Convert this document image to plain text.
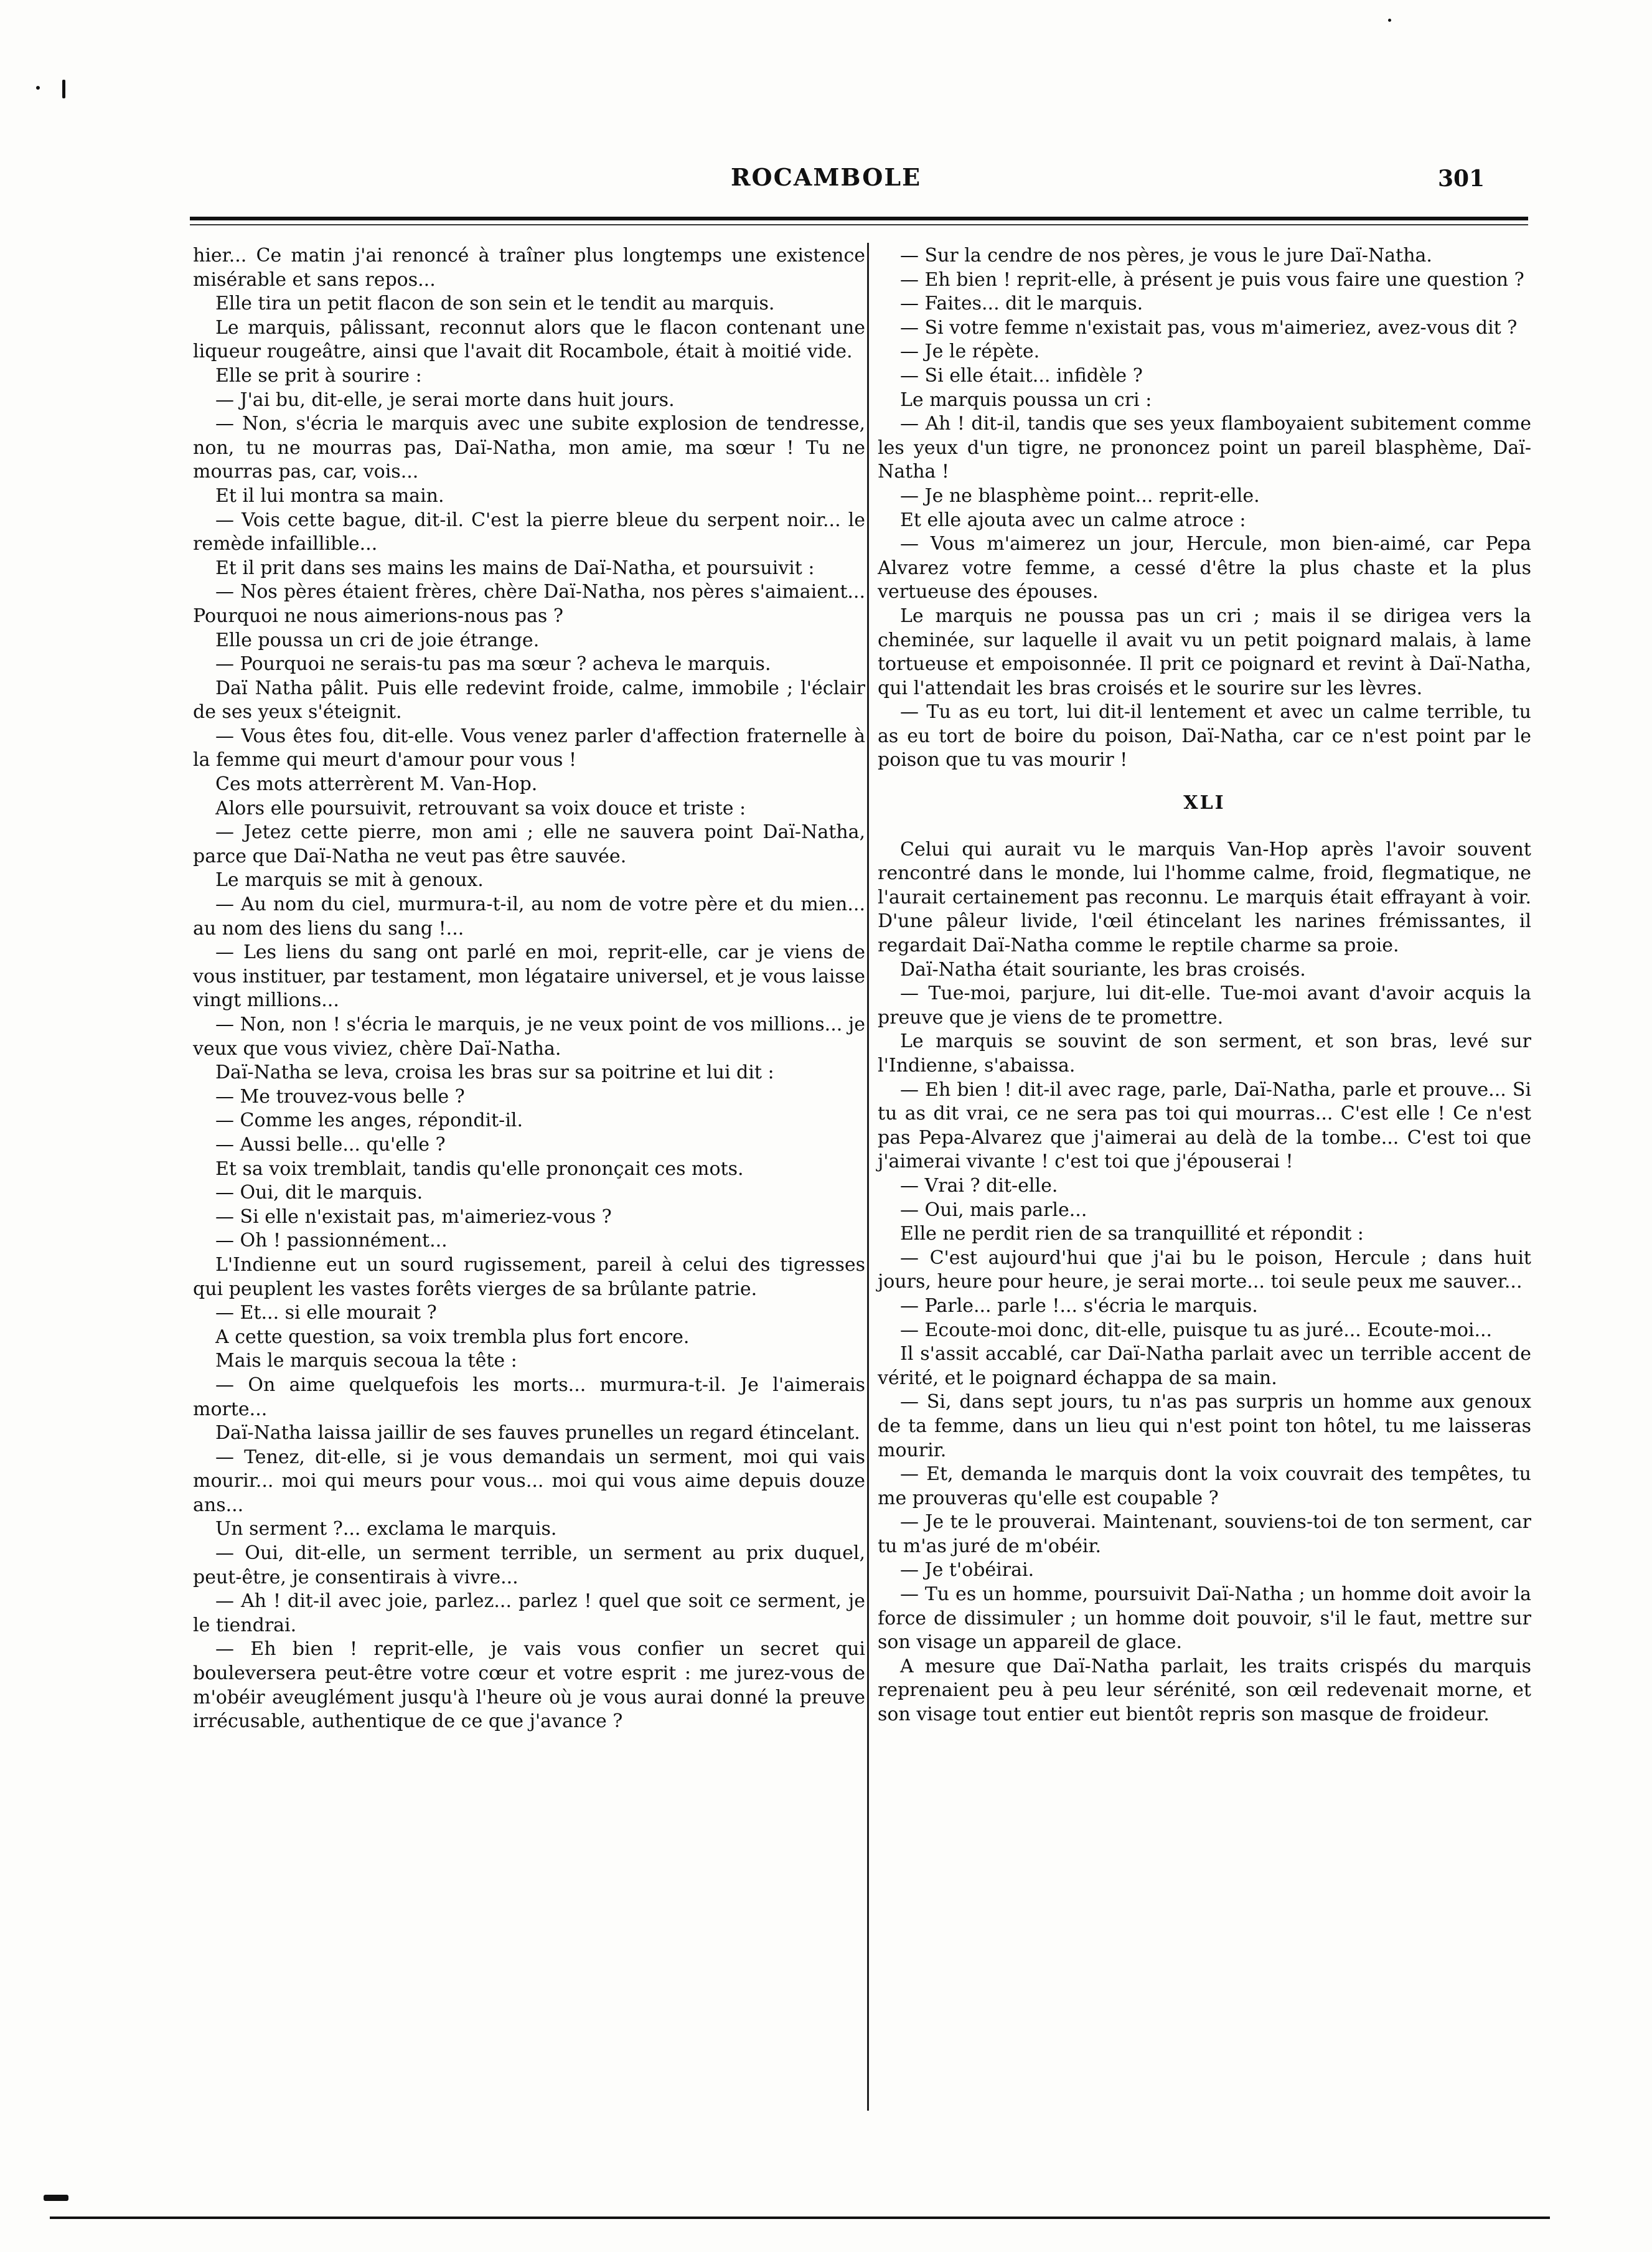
ROCAMBOLE	301

hier... Ce matin j'ai renoncé à traîner plus longtemps une existence misérable et sans repos...

Elle tira un petit flacon de son sein et le tendit au marquis.

Le marquis, pâlissant, reconnut alors que le flacon contenant une liqueur rougeâtre, ainsi que l'avait dit Rocambole, était à moitié vide.

Elle se prit à sourire :

— J'ai bu, dit-elle, je serai morte dans huit jours.

— Non, s'écria le marquis avec une subite explosion de tendresse, non, tu ne mourras pas, Daï-Natha, mon amie, ma sœur ! Tu ne mourras pas, car, vois...

Et il lui montra sa main.

— Vois cette bague, dit-il. C'est la pierre bleue du serpent noir... le remède infaillible...

Et il prit dans ses mains les mains de Daï-Natha, et poursuivit :

— Nos pères étaient frères, chère Daï-Natha, nos pères s'aimaient... Pourquoi ne nous aimerions-nous pas ?

Elle poussa un cri de joie étrange.

— Pourquoi ne serais-tu pas ma sœur ? acheva le marquis.

Daï Natha pâlit. Puis elle redevint froide, calme, immobile ; l'éclair de ses yeux s'éteignit.

— Vous êtes fou, dit-elle. Vous venez parler d'affection fraternelle à la femme qui meurt d'amour pour vous !

Ces mots atterrèrent M. Van-Hop.

Alors elle poursuivit, retrouvant sa voix douce et triste :

— Jetez cette pierre, mon ami ; elle ne sauvera point Daï-Natha, parce que Daï-Natha ne veut pas être sauvée.

Le marquis se mit à genoux.

— Au nom du ciel, murmura-t-il, au nom de votre père et du mien... au nom des liens du sang !...

— Les liens du sang ont parlé en moi, reprit-elle, car je viens de vous instituer, par testament, mon légataire universel, et je vous laisse vingt millions...

— Non, non ! s'écria le marquis, je ne veux point de vos millions... je veux que vous viviez, chère Daï-Natha.

Daï-Natha se leva, croisa les bras sur sa poitrine et lui dit :

— Me trouvez-vous belle ?

— Comme les anges, répondit-il.

— Aussi belle... qu'elle ?

Et sa voix tremblait, tandis qu'elle prononçait ces mots.

— Oui, dit le marquis.

— Si elle n'existait pas, m'aimeriez-vous ?

— Oh ! passionnément...

L'Indienne eut un sourd rugissement, pareil à celui des tigresses qui peuplent les vastes forêts vierges de sa brûlante patrie.

— Et... si elle mourait ?

A cette question, sa voix trembla plus fort encore.

Mais le marquis secoua la tête :

— On aime quelquefois les morts... murmura-t-il. Je l'aimerais morte...

Daï-Natha laissa jaillir de ses fauves prunelles un regard étincelant.

— Tenez, dit-elle, si je vous demandais un serment, moi qui vais mourir... moi qui meurs pour vous... moi qui vous aime depuis douze ans...

Un serment ?... exclama le marquis.

— Oui, dit-elle, un serment terrible, un serment au prix duquel, peut-être, je consentirais à vivre...

— Ah ! dit-il avec joie, parlez... parlez ! quel que soit ce serment, je le tiendrai.

— Eh bien ! reprit-elle, je vais vous confier un secret qui bouleversera peut-être votre cœur et votre esprit : me jurez-vous de m'obéir aveuglément jusqu'à l'heure où je vous aurai donné la preuve irrécusable, authentique de ce que j'avance ?

— Sur la cendre de nos pères, je vous le jure Daï-Natha.

— Eh bien ! reprit-elle, à présent je puis vous faire une question ?

— Faites... dit le marquis.

— Si votre femme n'existait pas, vous m'aimeriez, avez-vous dit ?

— Je le répète.

— Si elle était... infidèle ?

Le marquis poussa un cri :

— Ah ! dit-il, tandis que ses yeux flamboyaient subitement comme les yeux d'un tigre, ne prononcez point un pareil blasphème, Daï-Natha !

— Je ne blasphème point... reprit-elle.

Et elle ajouta avec un calme atroce :

— Vous m'aimerez un jour, Hercule, mon bien-aimé, car Pepa Alvarez votre femme, a cessé d'être la plus chaste et la plus vertueuse des épouses.

Le marquis ne poussa pas un cri ; mais il se dirigea vers la cheminée, sur laquelle il avait vu un petit poignard malais, à lame tortueuse et empoisonnée. Il prit ce poignard et revint à Daï-Natha, qui l'attendait les bras croisés et le sourire sur les lèvres.

— Tu as eu tort, lui dit-il lentement et avec un calme terrible, tu as eu tort de boire du poison, Daï-Natha, car ce n'est point par le poison que tu vas mourir !

XLI

Celui qui aurait vu le marquis Van-Hop après l'avoir souvent rencontré dans le monde, lui l'homme calme, froid, flegmatique, ne l'aurait certainement pas reconnu. Le marquis était effrayant à voir. D'une pâleur livide, l'œil étincelant les narines frémissantes, il regardait Daï-Natha comme le reptile charme sa proie.

Daï-Natha était souriante, les bras croisés.

— Tue-moi, parjure, lui dit-elle. Tue-moi avant d'avoir acquis la preuve que je viens de te promettre.

Le marquis se souvint de son serment, et son bras, levé sur l'Indienne, s'abaissa.

— Eh bien ! dit-il avec rage, parle, Daï-Natha, parle et prouve... Si tu as dit vrai, ce ne sera pas toi qui mourras... C'est elle ! Ce n'est pas Pepa-Alvarez que j'aimerai au delà de la tombe... C'est toi que j'aimerai vivante ! c'est toi que j'épouserai !

— Vrai ? dit-elle.

— Oui, mais parle...

Elle ne perdit rien de sa tranquillité et répondit :

— C'est aujourd'hui que j'ai bu le poison, Hercule ; dans huit jours, heure pour heure, je serai morte... toi seule peux me sauver...

— Parle... parle !... s'écria le marquis.

— Ecoute-moi donc, dit-elle, puisque tu as juré... Ecoute-moi...

Il s'assit accablé, car Daï-Natha parlait avec un terrible accent de vérité, et le poignard échappa de sa main.

— Si, dans sept jours, tu n'as pas surpris un homme aux genoux de ta femme, dans un lieu qui n'est point ton hôtel, tu me laisseras mourir.

— Et, demanda le marquis dont la voix couvrait des tempêtes, tu me prouveras qu'elle est coupable ?

— Je te le prouverai. Maintenant, souviens-toi de ton serment, car tu m'as juré de m'obéir.

— Je t'obéirai.

— Tu es un homme, poursuivit Daï-Natha ; un homme doit avoir la force de dissimuler ; un homme doit pouvoir, s'il le faut, mettre sur son visage un appareil de glace.

A mesure que Daï-Natha parlait, les traits crispés du marquis reprenaient peu à peu leur sérénité, son œil redevenait morne, et son visage tout entier eut bientôt repris son masque de froideur.
